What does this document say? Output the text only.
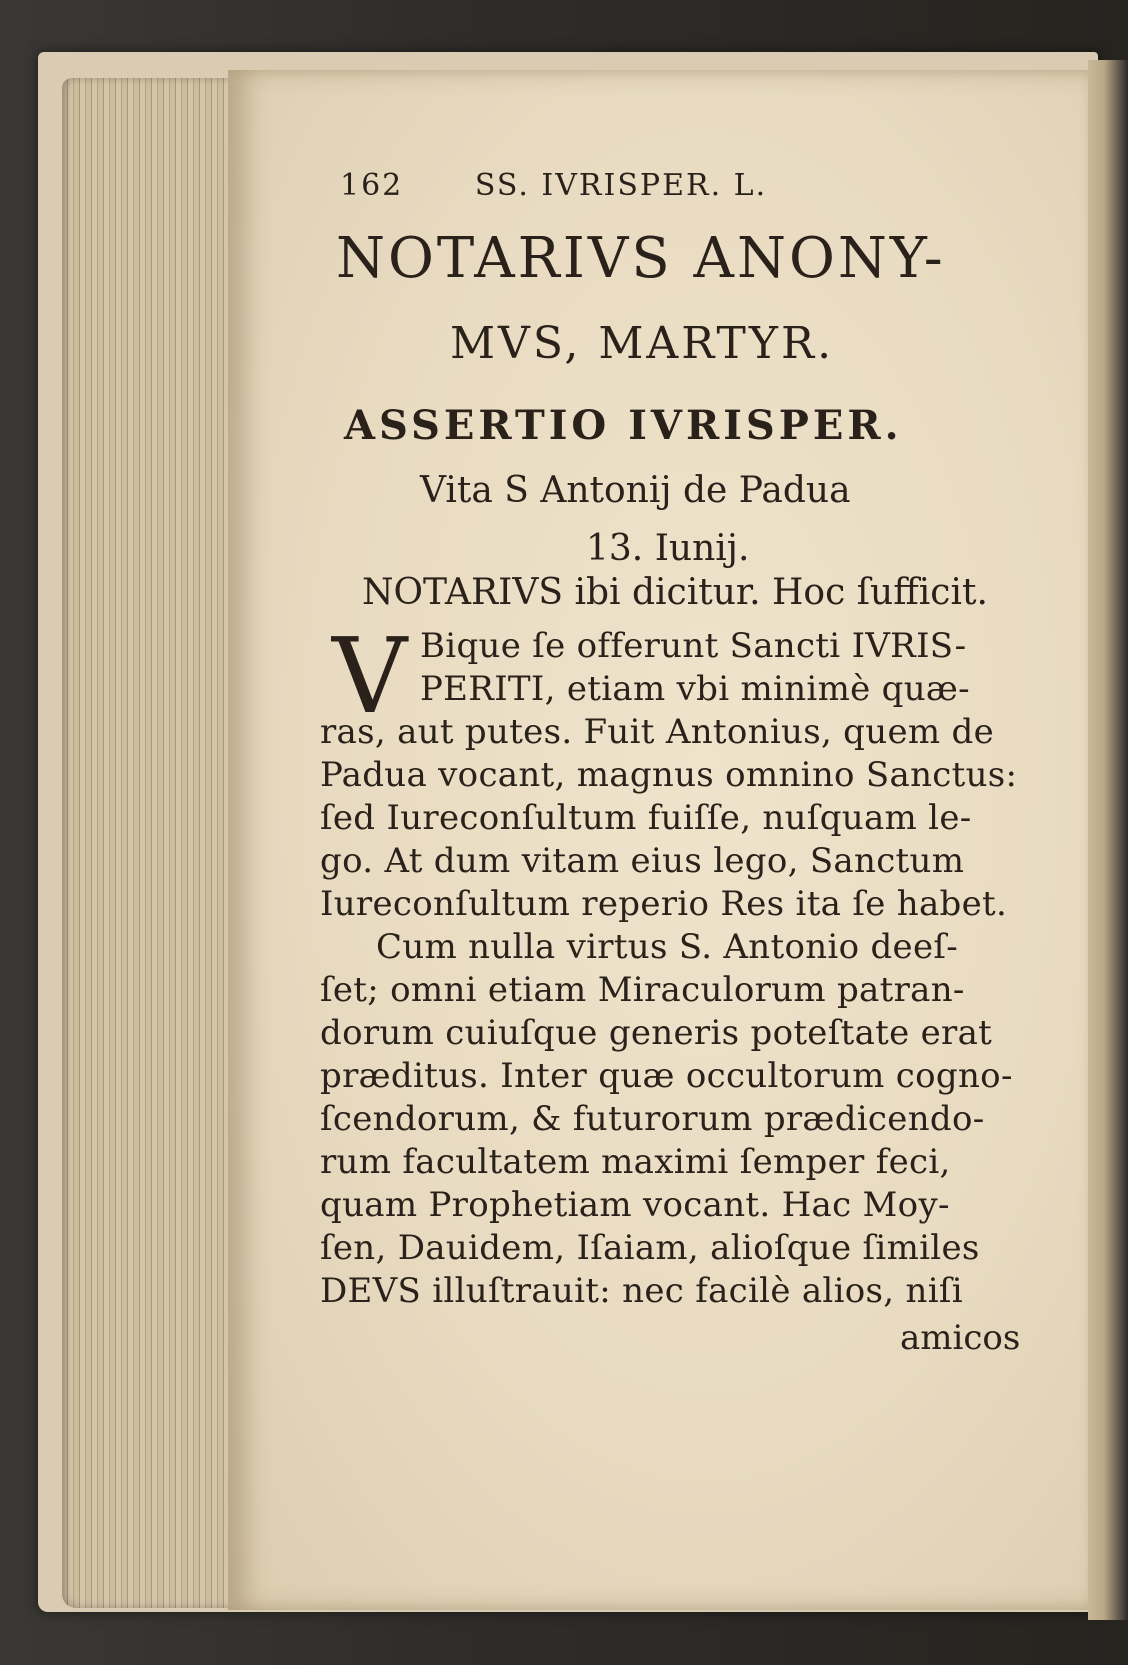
162 SS. IVRISPER. L.
NOTARIVS ANONY-
MVS, MARTYR.
ASSERTIO IVRISPER.
Vita S Antonij de Padua
13. Iunij.
NOTARIVS ibi dicitur. Hoc ſufficit.
V Bique ſe offerunt Sancti IVRIS-
PERITI, etiam vbi minimè quæ-
ras, aut putes. Fuit Antonius, quem de
Padua vocant, magnus omnino Sanctus:
ſed Iureconſultum fuiſſe, nuſquam le-
go. At dum vitam eius lego, Sanctum
Iureconſultum reperio Res ita ſe habet.
Cum nulla virtus S. Antonio deeſ-
ſet; omni etiam Miraculorum patran-
dorum cuiuſque generis poteſtate erat
præditus. Inter quæ occultorum cogno-
ſcendorum, & futurorum prædicendo-
rum facultatem maximi ſemper feci,
quam Prophetiam vocant. Hac Moy-
ſen, Dauidem, Iſaiam, alioſque ſimiles
DEVS illuſtrauit: nec facilè alios, niſi
amicos
